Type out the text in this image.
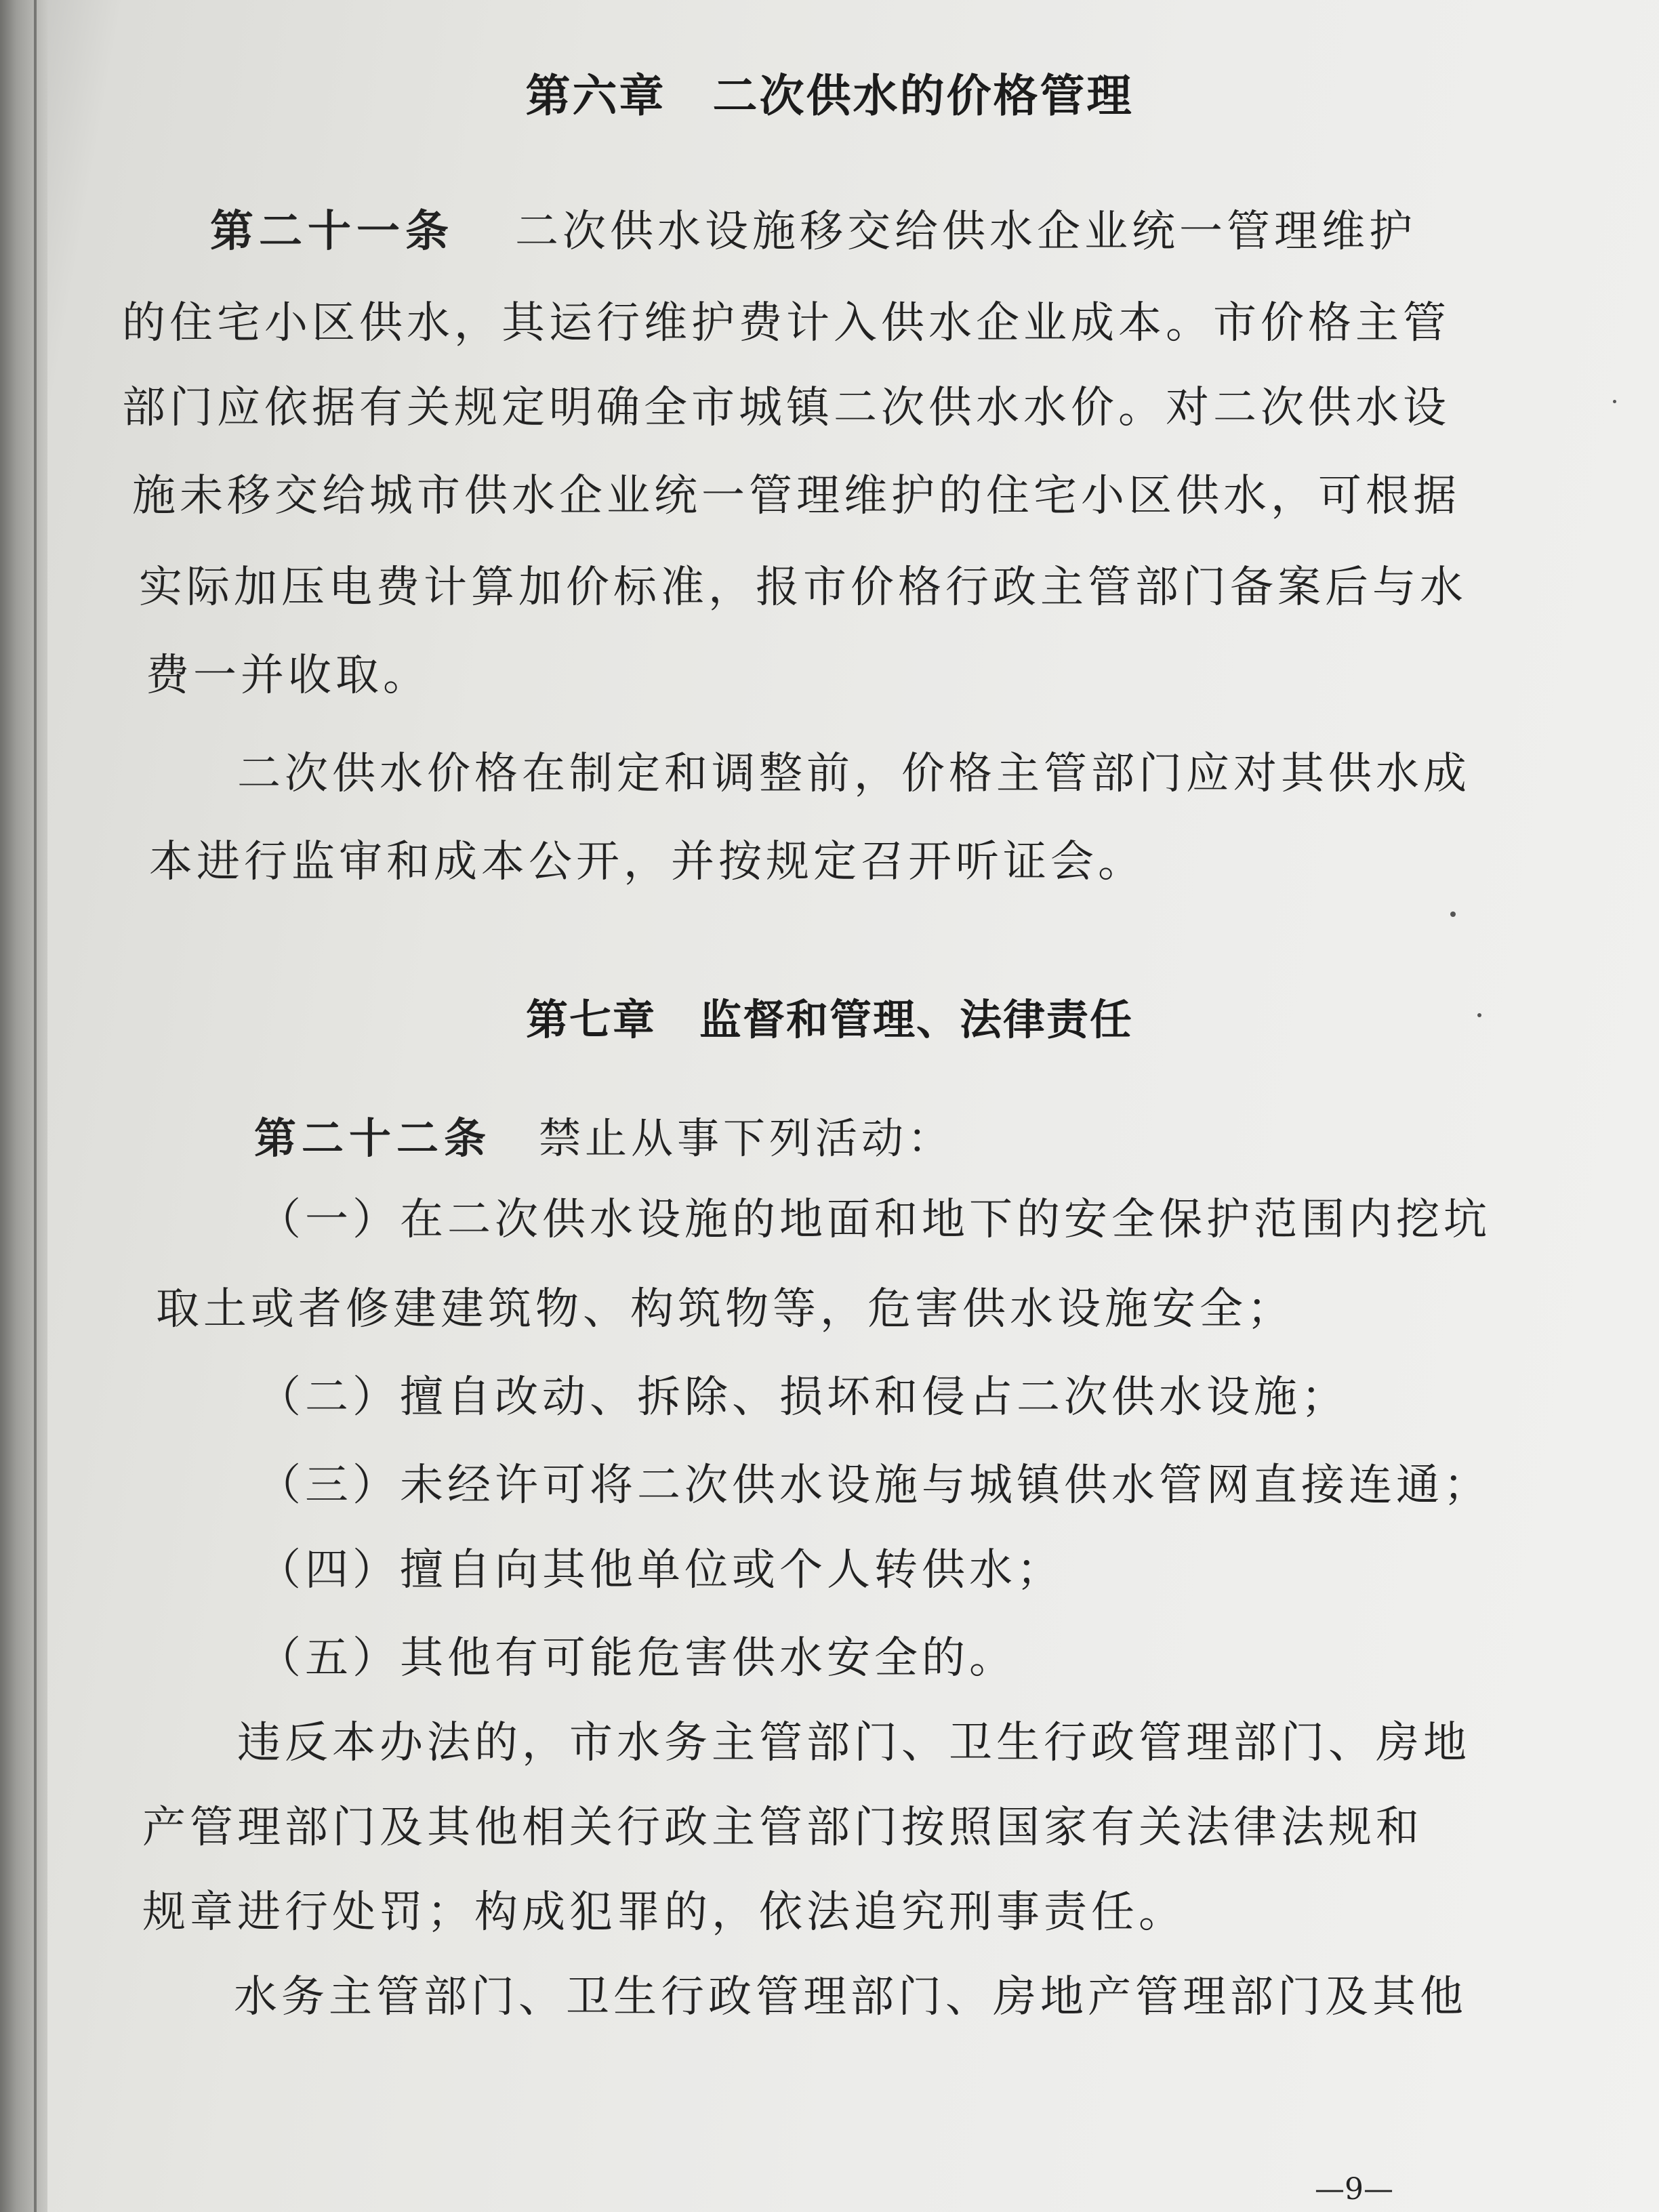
第六章　二次供水的价格管理
第二十一条 二次供水设施移交给供水企业统一管理维护
的住宅小区供水，其运行维护费计入供水企业成本。市价格主管
部门应依据有关规定明确全市城镇二次供水水价。对二次供水设
施未移交给城市供水企业统一管理维护的住宅小区供水，可根据
实际加压电费计算加价标准，报市价格行政主管部门备案后与水
费一并收取。
二次供水价格在制定和调整前，价格主管部门应对其供水成
本进行监审和成本公开，并按规定召开听证会。
第七章　监督和管理、法律责任
第二十二条 禁止从事下列活动：
（一）在二次供水设施的地面和地下的安全保护范围内挖坑
取土或者修建建筑物、构筑物等，危害供水设施安全；
（二）擅自改动、拆除、损坏和侵占二次供水设施；
（三）未经许可将二次供水设施与城镇供水管网直接连通；
（四）擅自向其他单位或个人转供水；
（五）其他有可能危害供水安全的。
违反本办法的，市水务主管部门、卫生行政管理部门、房地
产管理部门及其他相关行政主管部门按照国家有关法律法规和
规章进行处罚；构成犯罪的，依法追究刑事责任。
水务主管部门、卫生行政管理部门、房地产管理部门及其他
—9—
